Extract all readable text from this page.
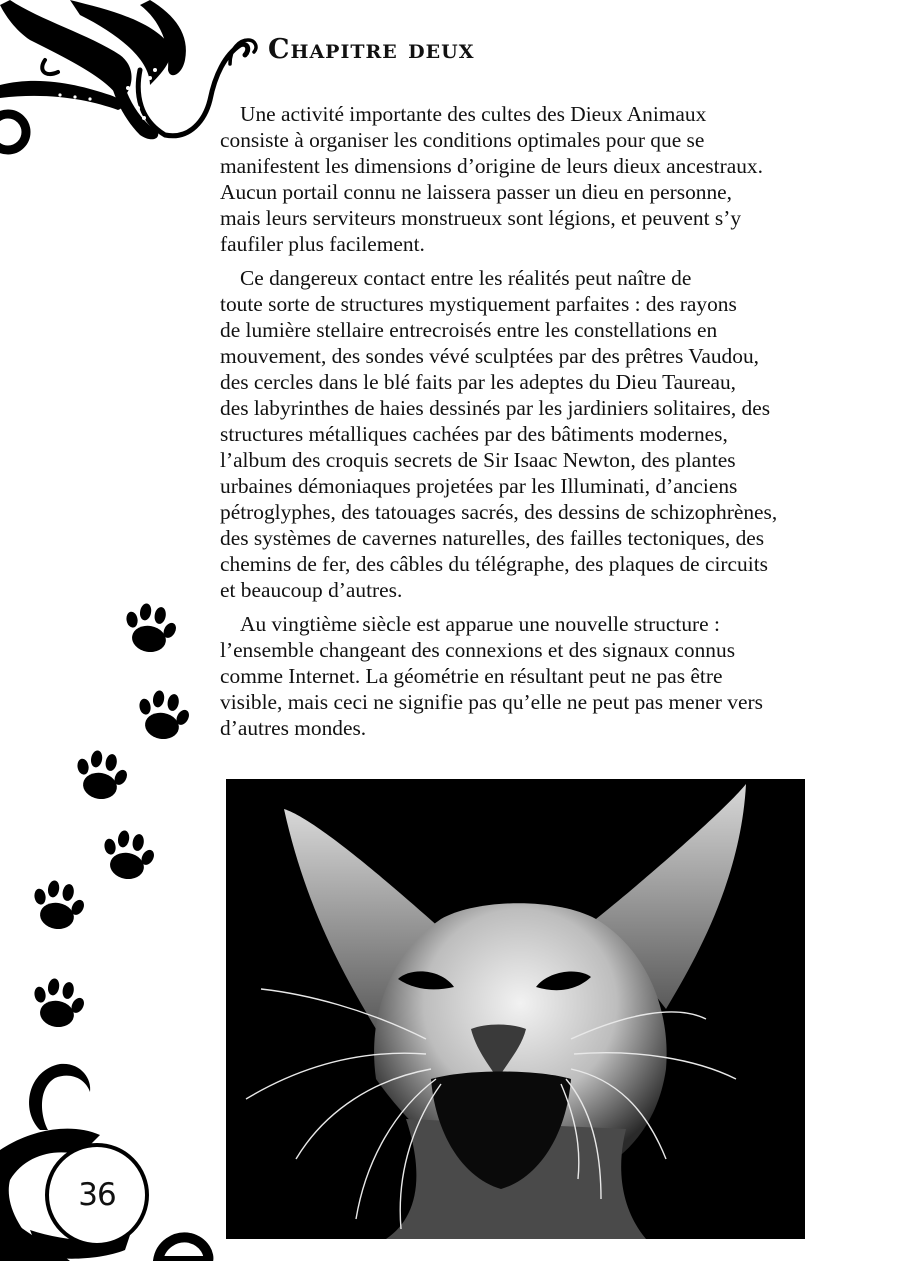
Chapitre deux

Une activité importante des cultes des Dieux Animaux
consiste à organiser les conditions optimales pour que se
manifestent les dimensions d’origine de leurs dieux ancestraux.
Aucun portail connu ne laissera passer un dieu en personne,
mais leurs serviteurs monstrueux sont légions, et peuvent s’y
faufiler plus facilement.

Ce dangereux contact entre les réalités peut naître de
toute sorte de structures mystiquement parfaites : des rayons
de lumière stellaire entrecroisés entre les constellations en
mouvement, des sondes vévé sculptées par des prêtres Vaudou,
des cercles dans le blé faits par les adeptes du Dieu Taureau,
des labyrinthes de haies dessinés par les jardiniers solitaires, des
structures métalliques cachées par des bâtiments modernes,
l’album des croquis secrets de Sir Isaac Newton, des plantes
urbaines démoniaques projetées par les Illuminati, d’anciens
pétroglyphes, des tatouages sacrés, des dessins de schizophrènes,
des systèmes de cavernes naturelles, des failles tectoniques, des
chemins de fer, des câbles du télégraphe, des plaques de circuits
et beaucoup d’autres.

Au vingtième siècle est apparue une nouvelle structure :
l’ensemble changeant des connexions et des signaux connus
comme Internet. La géométrie en résultant peut ne pas être
visible, mais ceci ne signifie pas qu’elle ne peut pas mener vers
d’autres mondes.

36
